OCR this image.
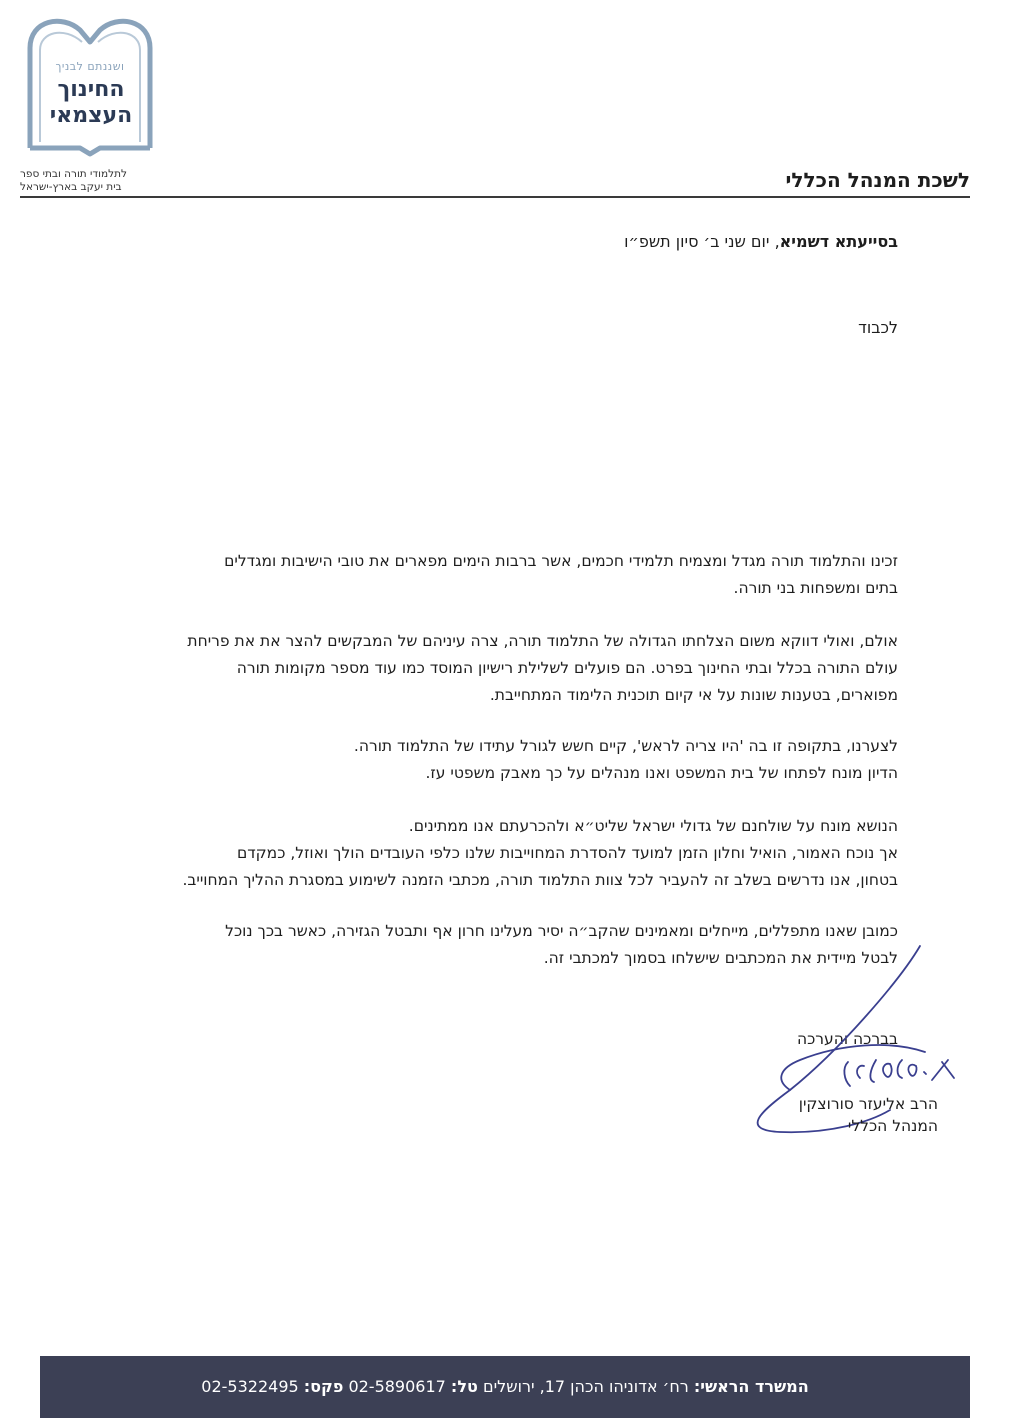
ושננתם לבניך
החינוך
העצמאי
לתלמודי תורה ובתי ספר
בית יעקב בארץ-ישראל	לשכת המנהל הכללי
בסייעתא דשמיא, יום שני ב׳ סיון תשפ״ו
לכבוד

זכינו והתלמוד תורה מגדל ומצמיח תלמידי חכמים, אשר ברבות הימים מפארים את טובי הישיבות ומגדלים
בתים ומשפחות בני תורה.

אולם, ואולי דווקא משום הצלחתו הגדולה של התלמוד תורה, צרה עיניהם של המבקשים להצר את את פריחת
עולם התורה בכלל ובתי החינוך בפרט. הם פועלים לשלילת רישיון המוסד כמו עוד מספר מקומות תורה
מפוארים, בטענות שונות על אי קיום תוכנית הלימוד המתחייבת.

לצערנו, בתקופה זו בה 'היו צריה לראש', קיים חשש לגורל עתידו של התלמוד תורה.
הדיון מונח לפתחו של בית המשפט ואנו מנהלים על כך מאבק משפטי עז.

הנושא מונח על שולחנם של גדולי ישראל שליט״א ולהכרעתם אנו ממתינים.
אך נוכח האמור, הואיל וחלון הזמן למועד להסדרת המחוייבות שלנו כלפי העובדים הולך ואוזל, כמקדם
בטחון, אנו נדרשים בשלב זה להעביר לכל צוות התלמוד תורה, מכתבי הזמנה לשימוע במסגרת ההליך המחוייב.

כמובן שאנו מתפללים, מייחלים ומאמינים שהקב״ה יסיר מעלינו חרון אף ותבטל הגזירה, כאשר בכך נוכל
לבטל מיידית את המכתבים שישלחו בסמוך למכתבי זה.

בברכה והערכה
הרב אליעזר סורוצקין
המנהל הכללי
המשרד הראשי: רח׳ אדוניהו הכהן 17, ירושלים טל: 02-5890617 פקס: 02-5322495
